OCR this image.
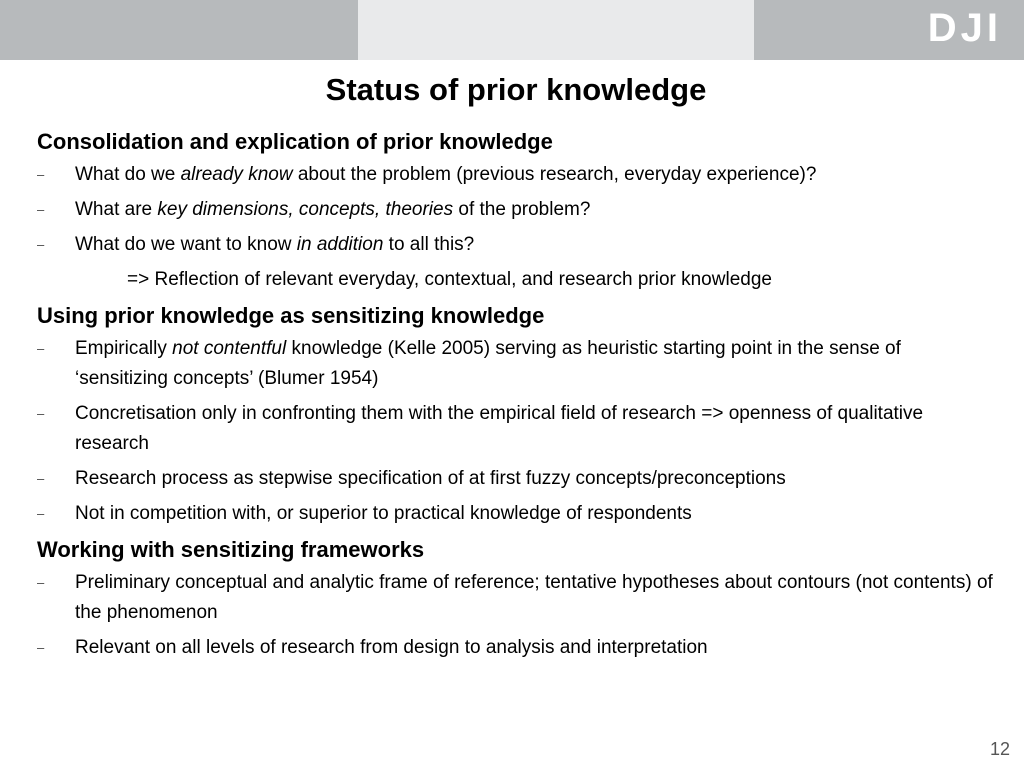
DJI
Status of prior knowledge
Consolidation and explication of prior knowledge
– What do we already know about the problem (previous research, everyday experience)?
– What are key dimensions, concepts, theories of the problem?
– What do we want to know in addition to all this?
=> Reflection of relevant everyday, contextual, and research prior knowledge
Using prior knowledge as sensitizing knowledge
– Empirically not contentful knowledge (Kelle 2005) serving as heuristic starting point in the sense of ‘sensitizing concepts’ (Blumer 1954)
– Concretisation only in confronting them with the empirical field of research => openness of qualitative research
– Research process as stepwise specification of at first fuzzy concepts/preconceptions
– Not in competition with, or superior to practical knowledge of respondents
Working with sensitizing frameworks
– Preliminary conceptual and analytic frame of reference; tentative hypotheses about contours (not contents) of the phenomenon
– Relevant on all levels of research from design to analysis and interpretation
12
